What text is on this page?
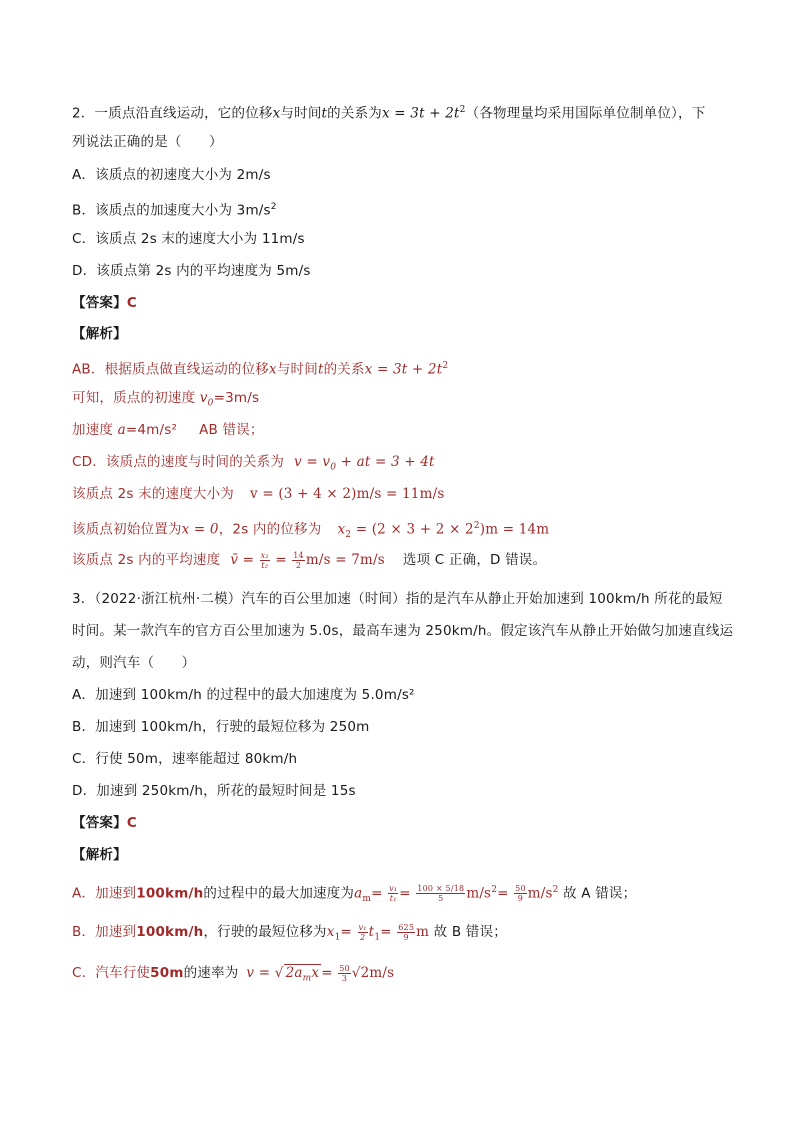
2．一质点沿直线运动，它的位移x与时间t的关系为$x = 3t + 2t^2$（各物理量均采用国际单位制单位），下
列说法正确的是（　　）
A．该质点的初速度大小为 2m/s
B．该质点的加速度大小为 $3m/s^2$
C．该质点 2s 末的速度大小为 11m/s
D．该质点第 2s 内的平均速度为 5m/s
【答案】C
【解析】
AB．根据质点做直线运动的位移x与时间t的关系$x = 3t + 2t^2$
可知，质点的初速度 $v_0=3m/s$
加速度 a=4m/s² AB 错误；
CD．该质点的速度与时间的关系为 $v = v_0$ + at = 3 + 4t
该质点 2s 末的速度大小为 v = (3 + 4 × 2)m/s = 11m/s
该质点初始位置为x = 0，2s 内的位移为 $x_2 = (2 \times 3 + 2 \times 2^2)m = 14m$
该质点 2s 内的平均速度 v̄ = $\frac{\text{x₂}}{\text{t₂}} = \frac{14}{2} m/s = 7m/s$ 选项 C 正确，D 错误。
3．（2022·浙江杭州·二模）汽车的百公里加速（时间）指的是汽车从静止开始加速到 100km/h 所花的最短
时间。某一款汽车的官方百公里加速为 5.0s，最高车速为 250km/h。假定该汽车从静止开始做匀加速直线运
动，则汽车（　　）
A．加速到 100km/h 的过程中的最大加速度为 5.0m/s²
B．加速到 100km/h，行驶的最短位移为 250m
C．行使 50m，速率能超过 80km/h
D．加速到 250km/h，所花的最短时间是 15s
【答案】C
【解析】
A．加速到100km/h的过程中的最大加速度为$a_m= \frac{\text{v₁}}{\text{t₁}} = \frac{100 \times 5/18}{5} m/s^2= \frac{50}{9} m/s^2$ 故 A 错误；
B．加速到100km/h，行驶的最短位移为$x_1= \frac{\text{v₁}}{2} t_1= \frac{625}{9}$ m 故 B 错误；
C．汽车行使50m的速率为 v = √ $2a_mx = \frac{50}{3} √2m/s$
